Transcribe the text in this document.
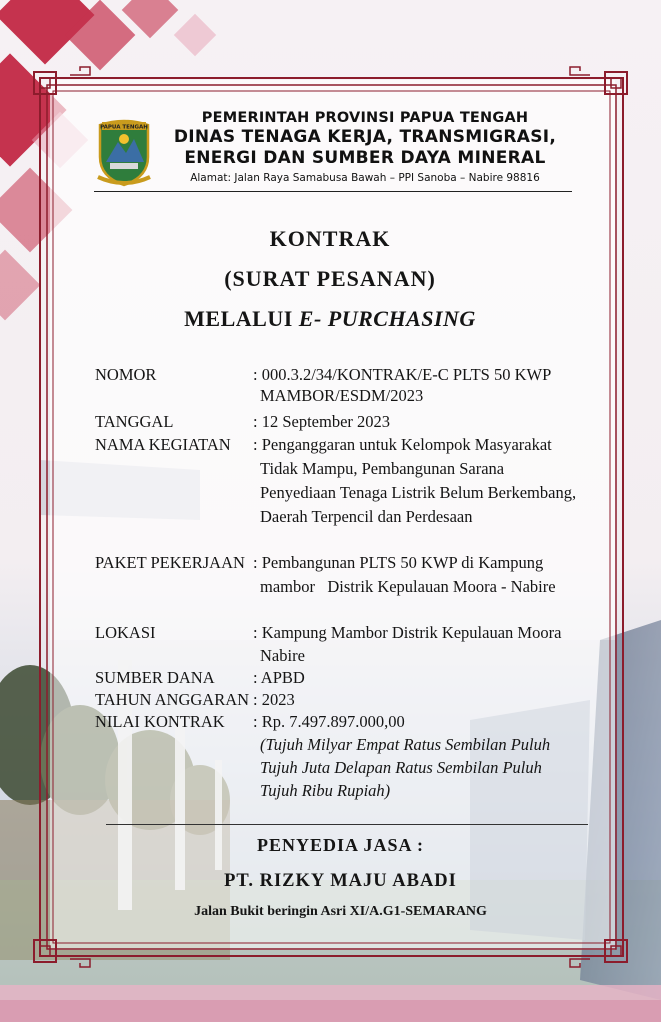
PAPUA TENGAH
PEMERINTAH PROVINSI PAPUA TENGAH
DINAS TENAGA KERJA, TRANSMIGRASI,
ENERGI DAN SUMBER DAYA MINERAL
Alamat: Jalan Raya Samabusa Bawah – PPI Sanoba – Nabire 98816
KONTRAK
(SURAT PESANAN)
MELALUI E- PURCHASING
NOMOR	: 000.3.2/34/KONTRAK/E-C PLTS 50 KWP
MAMBOR/ESDM/2023
TANGGAL	: 12 September 2023
NAMA KEGIATAN : Penganggaran untuk Kelompok Masyarakat
Tidak Mampu, Pembangunan Sarana
Penyediaan Tenaga Listrik Belum Berkembang,
Daerah Terpencil dan Perdesaan
PAKET PEKERJAAN : Pembangunan PLTS 50 KWP di Kampung
mambor   Distrik Kepulauan Moora - Nabire
LOKASI	: Kampung Mambor Distrik Kepulauan Moora
Nabire
SUMBER DANA : APBD
TAHUN ANGGARAN : 2023
NILAI KONTRAK : Rp. 7.497.897.000,00
(Tujuh Milyar Empat Ratus Sembilan Puluh
Tujuh Juta Delapan Ratus Sembilan Puluh
Tujuh Ribu Rupiah)
PENYEDIA JASA :
PT. RIZKY MAJU ABADI
Jalan Bukit beringin Asri XI/A.G1-SEMARANG
